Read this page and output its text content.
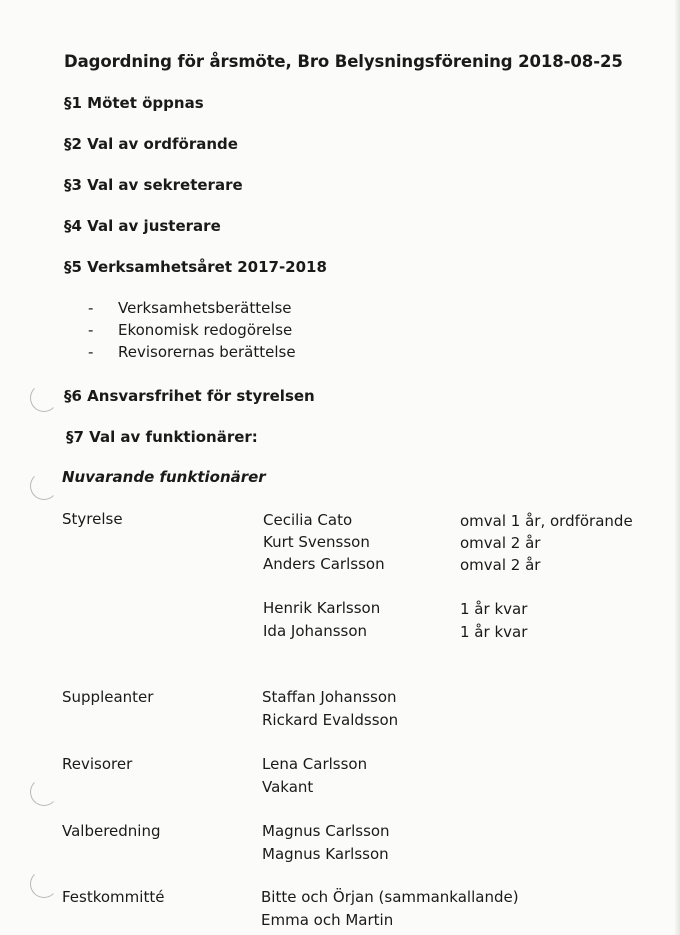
Dagordning för årsmöte, Bro Belysningsförening 2018-08-25
§1 Mötet öppnas
§2 Val av ordförande
§3 Val av sekreterare
§4 Val av justerare
§5 Verksamhetsåret 2017-2018
- Verksamhetsberättelse
- Ekonomisk redogörelse
- Revisorernas berättelse
§6 Ansvarsfrihet för styrelsen
§7 Val av funktionärer:
Nuvarande funktionärer
Styrelse	Cecilia Cato	omval 1 år, ordförande
Kurt Svensson	omval 2 år
Anders Carlsson	omval 2 år
Henrik Karlsson	1 år kvar
Ida Johansson	1 år kvar
Suppleanter	Staffan Johansson
Rickard Evaldsson
Revisorer	Lena Carlsson
Vakant
Valberedning	Magnus Carlsson
Magnus Karlsson
Festkommitté	Bitte och Örjan (sammankallande)
Emma och Martin
